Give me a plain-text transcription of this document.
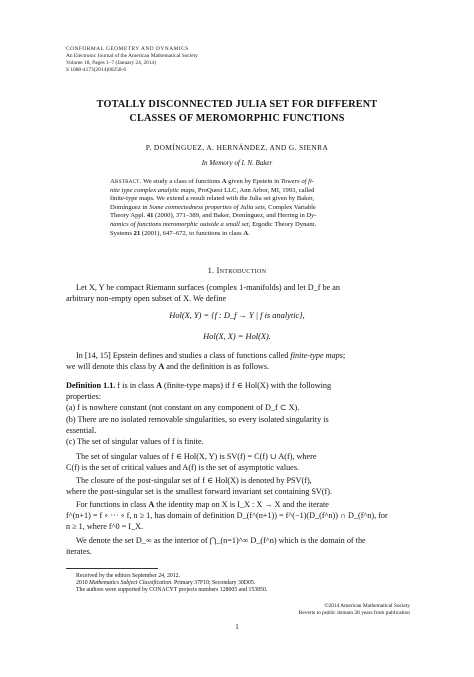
CONFORMAL GEOMETRY AND DYNAMICS
An Electronic Journal of the American Mathematical Society
Volume 18, Pages 1–7 (January 24, 2014)
S 1088-4173(2014)00258-6
TOTALLY DISCONNECTED JULIA SET FOR DIFFERENT
CLASSES OF MEROMORPHIC FUNCTIONS
P. DOMÍNGUEZ, A. HERNÁNDEZ, AND G. SIENRA
In Memory of I. N. Baker
Abstract. We study a class of functions A given by Epstein in Towers of fi-
nite type complex analytic maps, ProQuest LLC, Ann Arbor, MI, 1993, called
finite-type maps. We extend a result related with the Julia set given by Baker,
Domínguez in Some connectedness properties of Julia sets, Complex Variable
Theory Appl. 41 (2000), 371–389, and Baker, Domínguez, and Herring in Dy-
namics of functions meromorphic outside a small set, Ergodic Theory Dynam.
Systems 21 (2001), 647–672, to functions in class A.
1. Introduction
Let X, Y be compact Riemann surfaces (complex 1-manifolds) and let D_f be an
arbitrary non-empty open subset of X. We define
Hol(X, Y) = {f : D_f → Y | f is analytic},
Hol(X, X) = Hol(X).
In [14, 15] Epstein defines and studies a class of functions called finite-type maps;
we will denote this class by A and the definition is as follows.
Definition 1.1. f is in class A (finite-type maps) if f ∈ Hol(X) with the following
properties:
(a) f is nowhere constant (not constant on any component of D_f ⊂ X).
(b) There are no isolated removable singularities, so every isolated singularity is
essential.
(c) The set of singular values of f is finite.
The set of singular values of f ∈ Hol(X, Y) is SV(f) = C(f) ∪ A(f), where
C(f) is the set of critical values and A(f) is the set of asymptotic values.
The closure of the post-singular set of f ∈ Hol(X) is denoted by PSV(f),
where the post-singular set is the smallest forward invariant set containing SV(f).
For functions in class A the identity map on X is I_X : X → X and the iterate
f^(n+1) = f ∘ ··· ∘ f, n ≥ 1, has domain of definition D_(f^(n+1)) = f^(−1)(D_(f^n)) ∩ D_(f^n), for
n ≥ 1, where f^0 = I_X.
We denote the set D_∞ as the interior of ⋂_(n=1)^∞ D_(f^n) which is the domain of the
iterates.
Received by the editors September 24, 2012.
2010 Mathematics Subject Classification. Primary 37F10; Secondary 30D05.
The authors were supported by CONACYT projects numbers 128005 and 153850.
©2014 American Mathematical Society
Reverts to public domain 28 years from publication
1
